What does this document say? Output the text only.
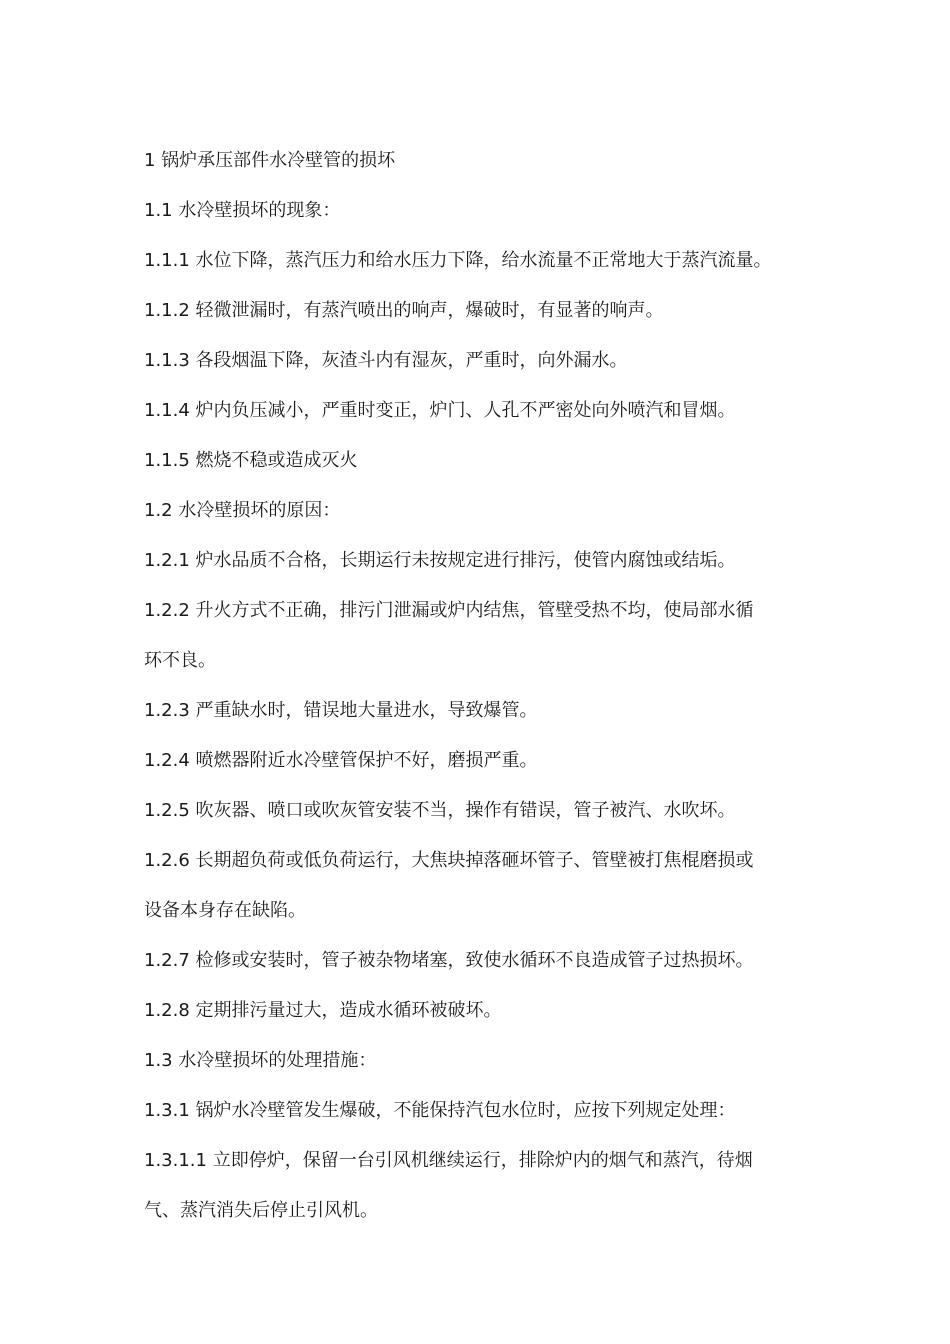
1 锅炉承压部件水冷壁管的损坏

1.1 水冷壁损坏的现象：

1.1.1 水位下降，蒸汽压力和给水压力下降，给水流量不正常地大于蒸汽流量。

1.1.2 轻微泄漏时，有蒸汽喷出的响声，爆破时，有显著的响声。

1.1.3 各段烟温下降，灰渣斗内有湿灰，严重时，向外漏水。

1.1.4 炉内负压减小，严重时变正，炉门、人孔不严密处向外喷汽和冒烟。

1.1.5 燃烧不稳或造成灭火

1.2 水冷壁损坏的原因：

1.2.1 炉水品质不合格，长期运行未按规定进行排污，使管内腐蚀或结垢。

1.2.2 升火方式不正确，排污门泄漏或炉内结焦，管壁受热不均，使局部水循

环不良。

1.2.3 严重缺水时，错误地大量进水，导致爆管。

1.2.4 喷燃器附近水冷壁管保护不好，磨损严重。

1.2.5 吹灰器、喷口或吹灰管安装不当，操作有错误，管子被汽、水吹坏。

1.2.6 长期超负荷或低负荷运行，大焦块掉落砸坏管子、管壁被打焦棍磨损或

设备本身存在缺陷。

1.2.7 检修或安装时，管子被杂物堵塞，致使水循环不良造成管子过热损坏。

1.2.8 定期排污量过大，造成水循环被破坏。

1.3 水冷壁损坏的处理措施：

1.3.1 锅炉水冷壁管发生爆破，不能保持汽包水位时，应按下列规定处理：

1.3.1.1 立即停炉，保留一台引风机继续运行，排除炉内的烟气和蒸汽，待烟

气、蒸汽消失后停止引风机。
